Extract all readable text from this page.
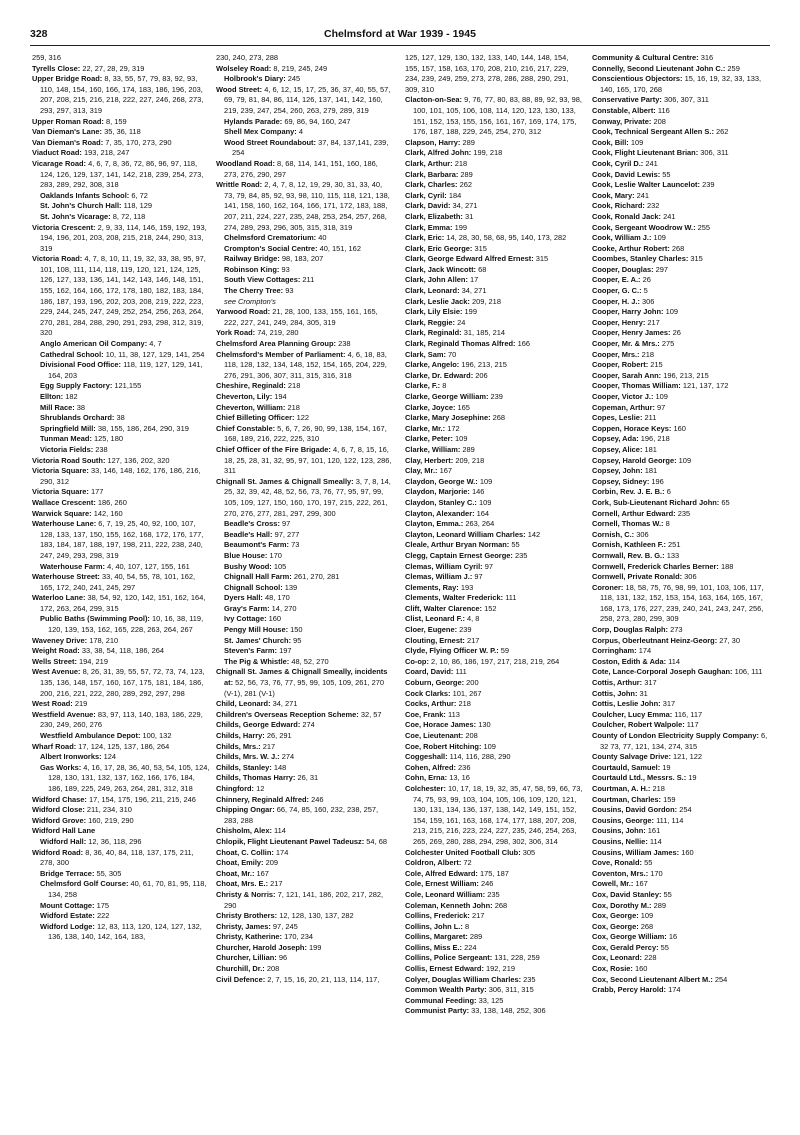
328	Chelmsford at War 1939 - 1945
259, 316
Tyrells Close: 22, 27, 28, 29, 319
Upper Bridge Road: 8, 33, 55, 57, 79, 83, 92, 93, 110, 148, 154, 160, 166, 174, 183, 186, 196, 203, 207, 208, 215, 216, 218, 222, 227, 246, 268, 273, 293, 297, 313, 319
Upper Roman Road: 8, 159
Van Dieman's Lane: 35, 36, 118
Van Dieman's Road: 7, 35, 170, 273, 290
Viaduct Road: 193, 218, 247
Vicarage Road: 4, 6, 7, 8, 36, 72, 86, 96, 97, 118, 124, 126, 129, 137, 141, 142, 218, 239, 254, 273, 283, 289, 292, 308, 318
Oaklands Infants School: 6, 72
St. John's Church Hall: 118, 129
St. John's Vicarage: 8, 72, 118
Victoria Crescent: 2, 9, 33, 114, 146, 159, 192, 193, 194, 196, 201, 203, 208, 215, 218, 244, 290, 313, 319
Victoria Road: 4, 7, 8, 10, 11, 19, 32, 33, 38, 95, 97, 101, 108, 111, 114, 118, 119, 120, 121, 124, 125, 126, 127, 133, 136, 141, 142, 143, 146, 148, 151, 155, 162, 164, 166, 172, 178, 180, 182, 183, 184, 186, 187, 193, 196, 202, 203, 208, 219, 222, 223, 229, 244, 245, 247, 249, 252, 254, 256, 263, 264, 270, 281, 284, 288, 290, 291, 293, 298, 312, 319, 320
Anglo American Oil Company: 4, 7
Cathedral School: 10, 11, 38, 127, 129, 141, 254
Divisional Food Office: 118, 119, 127, 129, 141, 164, 203
Egg Supply Factory: 121,155
Ellton: 182
Mill Race: 38
Shrublands Orchard: 38
Springfield Mill: 38, 155, 186, 264, 290, 319
Tunman Mead: 125, 180
Victoria Fields: 238
Victoria Road South: 127, 136, 202, 320
Victoria Square: 33, 146, 148, 162, 176, 186, 216, 290, 312
Victoria Square: 177
Wallace Crescent: 186, 260
Warwick Square: 142, 160
Waterhouse Lane: 6, 7, 19, 25, 40, 92, 100, 107, 128, 133, 137, 150, 155, 162, 168, 172, 176, 177, 183, 184, 187, 188, 197, 198, 211, 222, 238, 240, 247, 249, 293, 298, 319
Waterhouse Farm: 4, 40, 107, 127, 155, 161
Waterhouse Street: 33, 40, 54, 55, 78, 101, 162, 165, 172, 240, 241, 245, 297
Waterloo Lane: 38, 54, 92, 120, 142, 151, 162, 164, 172, 263, 264, 299, 315
Public Baths (Swimming Pool): 10, 16, 38, 119, 120, 139, 153, 162, 165, 228, 263, 264, 267
Waveney Drive: 178, 210
Weight Road: 33, 38, 54, 118, 186, 264
Wells Street: 194, 219
West Avenue: 8, 26, 31, 39, 55, 57, 72, 73, 74, 123, 135, 136, 148, 157, 160, 167, 175, 181, 184, 186, 200, 216, 221, 222, 280, 289, 292, 297, 298
West Road: 219
Westfield Avenue: 83, 97, 113, 140, 183, 186, 229, 230, 249, 260, 276
Westfield Ambulance Depot: 100, 132
Wharf Road: 17, 124, 125, 137, 186, 264
Albert Ironworks: 124
Gas Works: 4, 16, 17, 28, 36, 40, 53, 54, 105, 124, 128, 130, 131, 132, 137, 162, 166, 176, 184, 186, 189, 225, 249, 263, 264, 281, 312, 318
Widford Chase: 17, 154, 175, 196, 211, 215, 246
Widford Close: 211, 234, 310
Widford Grove: 160, 219, 290
Widford Hall Lane
Widford Hall: 12, 36, 118, 296
Widford Road: 8, 36, 40, 84, 118, 137, 175, 211, 278, 300
Bridge Terrace: 55, 305
Chelmsford Golf Course: 40, 61, 70, 81, 95, 118, 134, 258
Mount Cottage: 175
Widford Estate: 222
Widford Lodge: 12, 83, 113, 120, 124, 127, 132, 136, 138, 140, 142, 164, 183,
230, 240, 273, 288
Wolseley Road: 8, 219, 245, 249
Holbrook's Diary: 245
Wood Street: 4, 6, 12, 15, 17, 25, 36, 37, 40, 55, 57, 69, 79, 81, 84, 86, 114, 126, 137, 141, 142, 160, 219, 239, 247, 254, 260, 263, 279, 289, 319
Hylands Parade: 69, 86, 94, 160, 247
Shell Mex Company: 4
Wood Street Roundabout: 37, 84, 137,141, 239, 254
Woodland Road: 8, 68, 114, 141, 151, 160, 186, 273, 276, 290, 297
Writtle Road: 2, 4, 7, 8, 12, 19, 29, 30, 31, 33, 40, 73, 79, 84, 85, 92, 93, 98, 110, 115, 118, 121, 138, 141, 158, 160, 162, 164, 166, 171, 172, 183, 188, 207, 211, 224, 227, 235, 248, 253, 254, 257, 268, 274, 289, 293, 296, 305, 315, 318, 319
Chelmsford Crematorium: 40
Crompton's Social Centre: 40, 151, 162
Railway Bridge: 98, 183, 207
Robinson King: 93
South View Cottages: 211
The Cherry Tree: 93
see Crompton's
Yarwood Road: 21, 28, 100, 133, 155, 161, 165, 222, 227, 241, 249, 284, 305, 319
York Road: 74, 219, 280
Chelmsford Area Planning Group: 238
Chelmsford's Member of Parliament: 4, 6, 18, 83, 118, 128, 132, 134, 148, 152, 154, 165, 204, 229, 276, 291, 306, 307, 311, 315, 316, 318
Cheshire, Reginald: 218
Cheverton, Lily: 194
Cheverton, William: 218
Chief Billeting Officer: 122
Chief Constable: 5, 6, 7, 26, 90, 99, 138, 154, 167, 168, 189, 216, 222, 225, 310
Chief Officer of the Fire Brigade: 4, 6, 7, 8, 15, 16, 18, 25, 28, 31, 32, 95, 97, 101, 120, 122, 123, 286, 311
Chignall St. James & Chignall Smeally: 3, 7, 8, 14, 25, 32, 39, 42, 48, 52, 56, 73, 76, 77, 95, 97, 99, 105, 109, 127, 150, 160, 170, 197, 215, 222, 261, 270, 276, 277, 281, 297, 299, 300
Beadle's Cross: 97
Beadle's Hall: 97, 277
Beaumont's Farm: 73
Blue House: 170
Bushy Wood: 105
Chignall Hall Farm: 261, 270, 281
Chignall School: 139
Dyers Hall: 48, 170
Gray's Farm: 14, 270
Ivy Cottage: 160
Pengy Mill House: 150
St. James' Church: 95
Steven's Farm: 197
The Pig & Whistle: 48, 52, 270
Chignall St. James & Chignall Smeally, incidents at: 52, 56, 73, 76, 77, 95, 99, 105, 109, 261, 270 (V-1), 281 (V-1)
Child, Leonard: 34, 271
Children's Overseas Reception Scheme: 32, 57
Childs, George Edward: 274
Childs, Harry: 26, 291
Childs, Mrs.: 217
Childs, Mrs. W. J.: 274
Childs, Stanley: 148
Childs, Thomas Harry: 26, 31
Chingford: 12
Chinnery, Reginald Alfred: 246
Chipping Ongar: 66, 74, 85, 160, 232, 238, 257, 283, 288
Chisholm, Alex: 114
Chlopik, Flight Lieutenant Pawel Tadeusz: 54, 68
Choat, C. Collin: 174
Choat, Emily: 209
Choat, Mr.: 167
Choat, Mrs. E.: 217
Christy & Norris: 7, 121, 141, 186, 202, 217, 282, 290
Christy Brothers: 12, 128, 130, 137, 282
Christy, James: 97, 245
Christy, Katherine: 170, 234
Churcher, Harold Joseph: 199
Churcher, Lillian: 96
Churchill, Dr.: 208
Civil Defence: 2, 7, 15, 16, 20, 21, 113, 114, 117,
125, 127, 129, 130, 132, 133, 140, 144, 148, 154, 155, 157, 158, 163, 170, 208, 210, 216, 217, 229, 234, 239, 249, 259, 273, 278, 286, 288, 290, 291, 309, 310
Clacton-on-Sea: 9, 76, 77, 80, 83, 88, 89, 92, 93, 98, 100, 101, 105, 106, 108, 114, 120, 123, 130, 133, 151, 152, 153, 155, 156, 161, 167, 169, 174, 175, 176, 187, 188, 229, 245, 254, 270, 312
Clapson, Harry: 289
Clark, Alfred John: 199, 218
Clark, Arthur: 218
Clark, Barbara: 289
Clark, Charles: 262
Clark, Cyril: 184
Clark, David: 34, 271
Clark, Elizabeth: 31
Clark, Emma: 199
Clark, Eric: 14, 28, 30, 58, 68, 95, 140, 173, 282
Clark, Eric George: 315
Clark, George Edward Alfred Ernest: 315
Clark, Jack Wincott: 68
Clark, John Allen: 17
Clark, Leonard: 34, 271
Clark, Leslie Jack: 209, 218
Clark, Lily Elsie: 199
Clark, Reggie: 24
Clark, Reginald: 31, 185, 214
Clark, Reginald Thomas Alfred: 166
Clark, Sam: 70
Clarke, Angelo: 196, 213, 215
Clarke, Dr. Edward: 206
Clarke, F.: 8
Clarke, George William: 239
Clarke, Joyce: 165
Clarke, Mary Josephine: 268
Clarke, Mr.: 172
Clarke, Peter: 109
Clarke, William: 289
Clay, Herbert: 209, 218
Clay, Mr.: 167
Claydon, George W.: 109
Claydon, Marjorie: 146
Claydon, Stanley C.: 109
Clayton, Alexander: 164
Clayton, Emma.: 263, 264
Clayton, Leonard William Charles: 142
Cleale, Arthur Bryan Norman: 55
Clegg, Captain Ernest George: 235
Clemas, William Cyril: 97
Clemas, William J.: 97
Clements, Ray: 193
Clements, Walter Frederick: 111
Clift, Walter Clarence: 152
Clist, Leonard F.: 4, 8
Cloer, Eugene: 239
Clouting, Ernest: 217
Clyde, Flying Officer W. P.: 59
Co-op: 2, 10, 86, 186, 197, 217, 218, 219, 264
Coard, David: 111
Coburn, George: 200
Cock Clarks: 101, 267
Cocks, Arthur: 218
Coe, Frank: 113
Coe, Horace James: 130
Coe, Lieutenant: 208
Coe, Robert Hitching: 109
Coggeshall: 114, 116, 288, 290
Cohen, Alfred: 236
Cohn, Erna: 13, 16
Colchester: 10, 17, 18, 19, 32, 35, 47, 58, 59, 66, 73, 74, 75, 93, 99, 103, 104, 105, 106, 109, 120, 121, 130, 131, 134, 136, 137, 138, 142, 149, 151, 152, 154, 159, 161, 163, 168, 174, 177, 188, 207, 208, 213, 215, 216, 223, 224, 227, 235, 246, 254, 263, 265, 269, 280, 288, 294, 298, 302, 306, 314
Colchester United Football Club: 305
Coldron, Albert: 72
Cole, Alfred Edward: 175, 187
Cole, Ernest William: 246
Cole, Leonard William: 235
Coleman, Kenneth John: 268
Collins, Frederick: 217
Collins, John L.: 8
Collins, Margaret: 289
Collins, Miss E.: 224
Collins, Police Sergeant: 131, 228, 259
Collis, Ernest Edward: 192, 219
Colyer, Douglas William Charles: 235
Common Wealth Party: 306, 311, 315
Communal Feeding: 33, 125
Communist Party: 33, 138, 148, 252, 306
Community & Cultural Centre: 316
Connelly, Second Lieutenant John C.: 259
Conscientious Objectors: 15, 16, 19, 32, 33, 133, 140, 165, 170, 268
Conservative Party: 306, 307, 311
Constable, Albert: 116
Conway, Private: 208
Cook, Technical Sergeant Allen S.: 262
Cook, Bill: 109
Cook, Flight Lieutenant Brian: 306, 311
Cook, Cyril D.: 241
Cook, David Lewis: 55
Cook, Leslie Walter Launcelot: 239
Cook, Mary: 241
Cook, Richard: 232
Cook, Ronald Jack: 241
Cook, Sergeant Woodrow W.: 255
Cook, William J.: 109
Cooke, Arthur Robert: 268
Coombes, Stanley Charles: 315
Cooper, Douglas: 297
Cooper, E. A.: 26
Cooper, G. C.: 5
Cooper, H. J.: 306
Cooper, Harry John: 109
Cooper, Henry: 217
Cooper, Henry James: 26
Cooper, Mr. & Mrs.: 275
Cooper, Mrs.: 218
Cooper, Robert: 215
Cooper, Sarah Ann: 196, 213, 215
Cooper, Thomas William: 121, 137, 172
Cooper, Victor J.: 109
Copeman, Arthur: 97
Copes, Leslie: 211
Coppen, Horace Keys: 160
Copsey, Ada: 196, 218
Copsey, Alice: 181
Copsey, Harold George: 109
Copsey, John: 181
Copsey, Sidney: 196
Corbin, Rev. J. E. B.: 6
Cork, Sub-Lieutenant Richard John: 65
Cornell, Arthur Edward: 235
Cornell, Thomas W.: 8
Cornish, C.: 306
Cornish, Kathleen F.: 251
Cornwall, Rev. B. G.: 133
Cornwell, Frederick Charles Berner: 188
Cornwell, Private Ronald: 306
Coroner: 18, 58, 75, 76, 98, 99, 101, 103, 106, 117, 118, 131, 132, 152, 153, 154, 163, 164, 165, 167, 168, 173, 176, 227, 239, 240, 241, 243, 247, 256, 258, 273, 280, 299, 309
Corp, Douglas Ralph: 273
Corpus, Oberleutnant Heinz-Georg: 27, 30
Corringham: 174
Coston, Edith & Ada: 114
Cote, Lance-Corporal Joseph Gaughan: 106, 111
Cottis, Arthur: 317
Cottis, John: 31
Cottis, Leslie John: 317
Coulcher, Lucy Emma: 116, 117
Coulcher, Robert Walpole: 117
County of London Electricity Supply Company: 6, 32 73, 77, 121, 134, 274, 315
County Salvage Drive: 121, 122
Courtauld, Samuel: 19
Courtauld Ltd., Messrs. S.: 19
Courtman, A. H.: 218
Courtman, Charles: 159
Cousins, David Gordon: 254
Cousins, George: 111, 114
Cousins, John: 161
Cousins, Nellie: 114
Cousins, William James: 160
Cove, Ronald: 55
Coventon, Mrs.: 170
Cowell, Mr.: 167
Cox, David Stanley: 55
Cox, Dorothy M.: 289
Cox, George: 109
Cox, George: 268
Cox, George William: 16
Cox, Gerald Percy: 55
Cox, Leonard: 228
Cox, Rosie: 160
Cox, Second Lieutenant Albert M.: 254
Crabb, Percy Harold: 174
